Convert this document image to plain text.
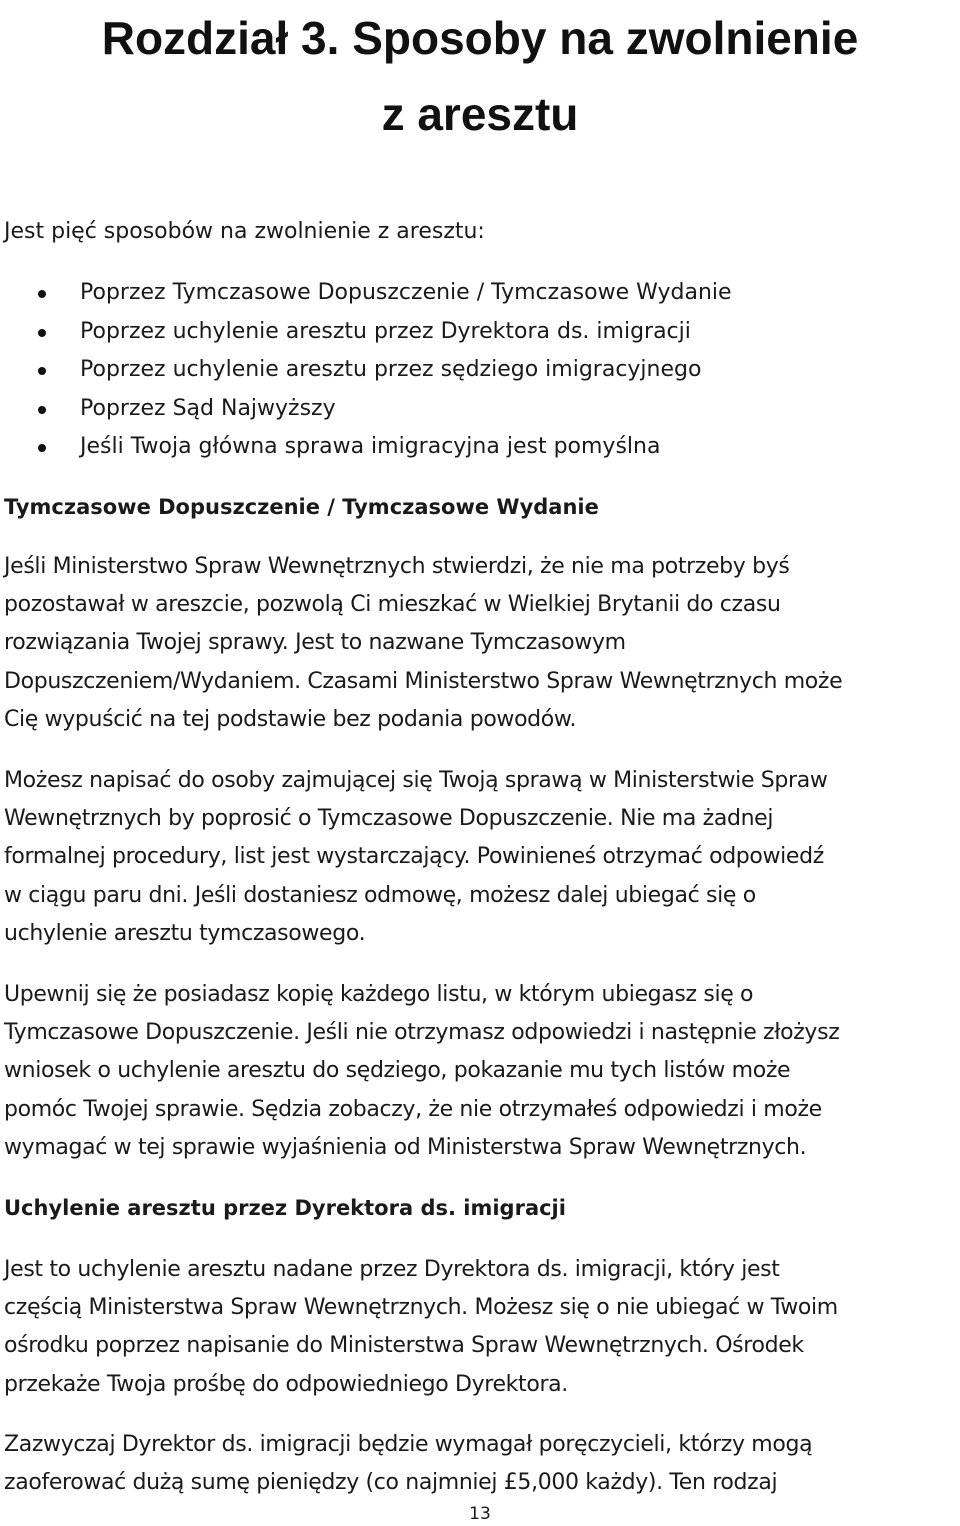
Rozdział 3. Sposoby na zwolnienie
z aresztu

Jest pięć sposobów na zwolnienie z aresztu:

Poprzez Tymczasowe Dopuszczenie / Tymczasowe Wydanie
Poprzez uchylenie aresztu przez Dyrektora ds. imigracji
Poprzez uchylenie aresztu przez sędziego imigracyjnego
Poprzez Sąd Najwyższy
Jeśli Twoja główna sprawa imigracyjna jest pomyślna
Tymczasowe Dopuszczenie / Tymczasowe Wydanie

Jeśli Ministerstwo Spraw Wewnętrznych stwierdzi, że nie ma potrzeby byś
pozostawał w areszcie, pozwolą Ci mieszkać w Wielkiej Brytanii do czasu
rozwiązania Twojej sprawy. Jest to nazwane Tymczasowym
Dopuszczeniem/Wydaniem. Czasami Ministerstwo Spraw Wewnętrznych może
Cię wypuścić na tej podstawie bez podania powodów.

Możesz napisać do osoby zajmującej się Twoją sprawą w Ministerstwie Spraw
Wewnętrznych by poprosić o Tymczasowe Dopuszczenie. Nie ma żadnej
formalnej procedury, list jest wystarczający. Powinieneś otrzymać odpowiedź
w ciągu paru dni. Jeśli dostaniesz odmowę, możesz dalej ubiegać się o
uchylenie aresztu tymczasowego.

Upewnij się że posiadasz kopię każdego listu, w którym ubiegasz się o
Tymczasowe Dopuszczenie. Jeśli nie otrzymasz odpowiedzi i następnie złożysz
wniosek o uchylenie aresztu do sędziego, pokazanie mu tych listów może
pomóc Twojej sprawie. Sędzia zobaczy, że nie otrzymałeś odpowiedzi i może
wymagać w tej sprawie wyjaśnienia od Ministerstwa Spraw Wewnętrznych.

Uchylenie aresztu przez Dyrektora ds. imigracji

Jest to uchylenie aresztu nadane przez Dyrektora ds. imigracji, który jest
częścią Ministerstwa Spraw Wewnętrznych. Możesz się o nie ubiegać w Twoim
ośrodku poprzez napisanie do Ministerstwa Spraw Wewnętrznych. Ośrodek
przekaże Twoja prośbę do odpowiedniego Dyrektora.

Zazwyczaj Dyrektor ds. imigracji będzie wymagał poręczycieli, którzy mogą
zaoferować dużą sumę pieniędzy (co najmniej £5,000 każdy). Ten rodzaj

13
